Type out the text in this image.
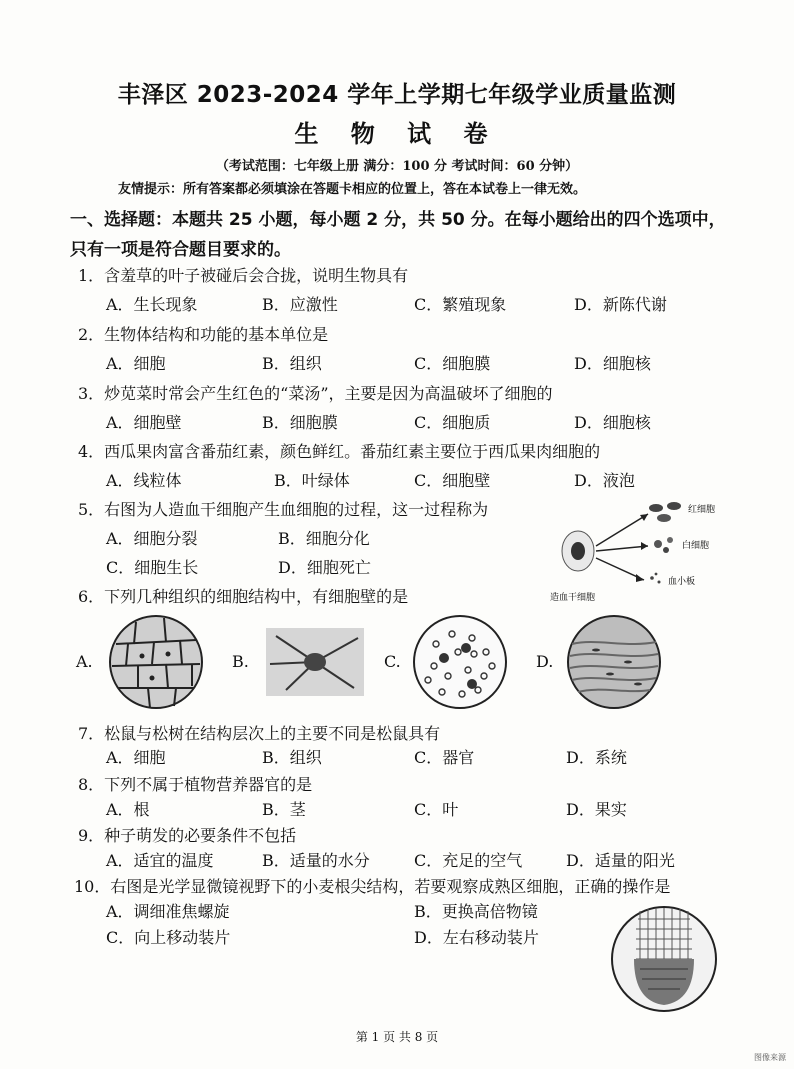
丰泽区 2023-2024 学年上学期七年级学业质量监测
生 物 试 卷
（考试范围：七年级上册 满分：100 分 考试时间：60 分钟）
友情提示：所有答案都必须填涂在答题卡相应的位置上，答在本试卷上一律无效。
一、选择题：本题共 25 小题，每小题 2 分，共 50 分。在每小题给出的四个选项中，
只有一项是符合题目要求的。
1．含羞草的叶子被碰后会合拢，说明生物具有
A．生长现象	B．应激性	C．繁殖现象	D．新陈代谢
2．生物体结构和功能的基本单位是
A．细胞	B．组织	C．细胞膜	D．细胞核
3．炒苋菜时常会产生红色的“菜汤”，主要是因为高温破坏了细胞的
A．细胞壁	B．细胞膜	C．细胞质	D．细胞核
4．西瓜果肉富含番茄红素，颜色鲜红。番茄红素主要位于西瓜果肉细胞的
A．线粒体	B．叶绿体	C．细胞壁	D．液泡
5．右图为人造血干细胞产生血细胞的过程，这一过程称为
A．细胞分裂	B．细胞分化
C．细胞生长	D．细胞死亡
红细胞
白细胞
血小板
造血干细胞
6．下列几种组织的细胞结构中，有细胞壁的是
A.	B.	C.	D.
7．松鼠与松树在结构层次上的主要不同是松鼠具有
A．细胞	B．组织	C．器官	D．系统
8．下列不属于植物营养器官的是
A．根	B．茎	C．叶	D．果实
9．种子萌发的必要条件不包括
A．适宜的温度	B．适量的水分	C．充足的空气	D．适量的阳光
10．右图是光学显微镜视野下的小麦根尖结构，若要观察成熟区细胞，正确的操作是
A．调细准焦螺旋	B．更换高倍物镜
C．向上移动装片	D．左右移动装片
第 1 页 共 8 页
图像来源
